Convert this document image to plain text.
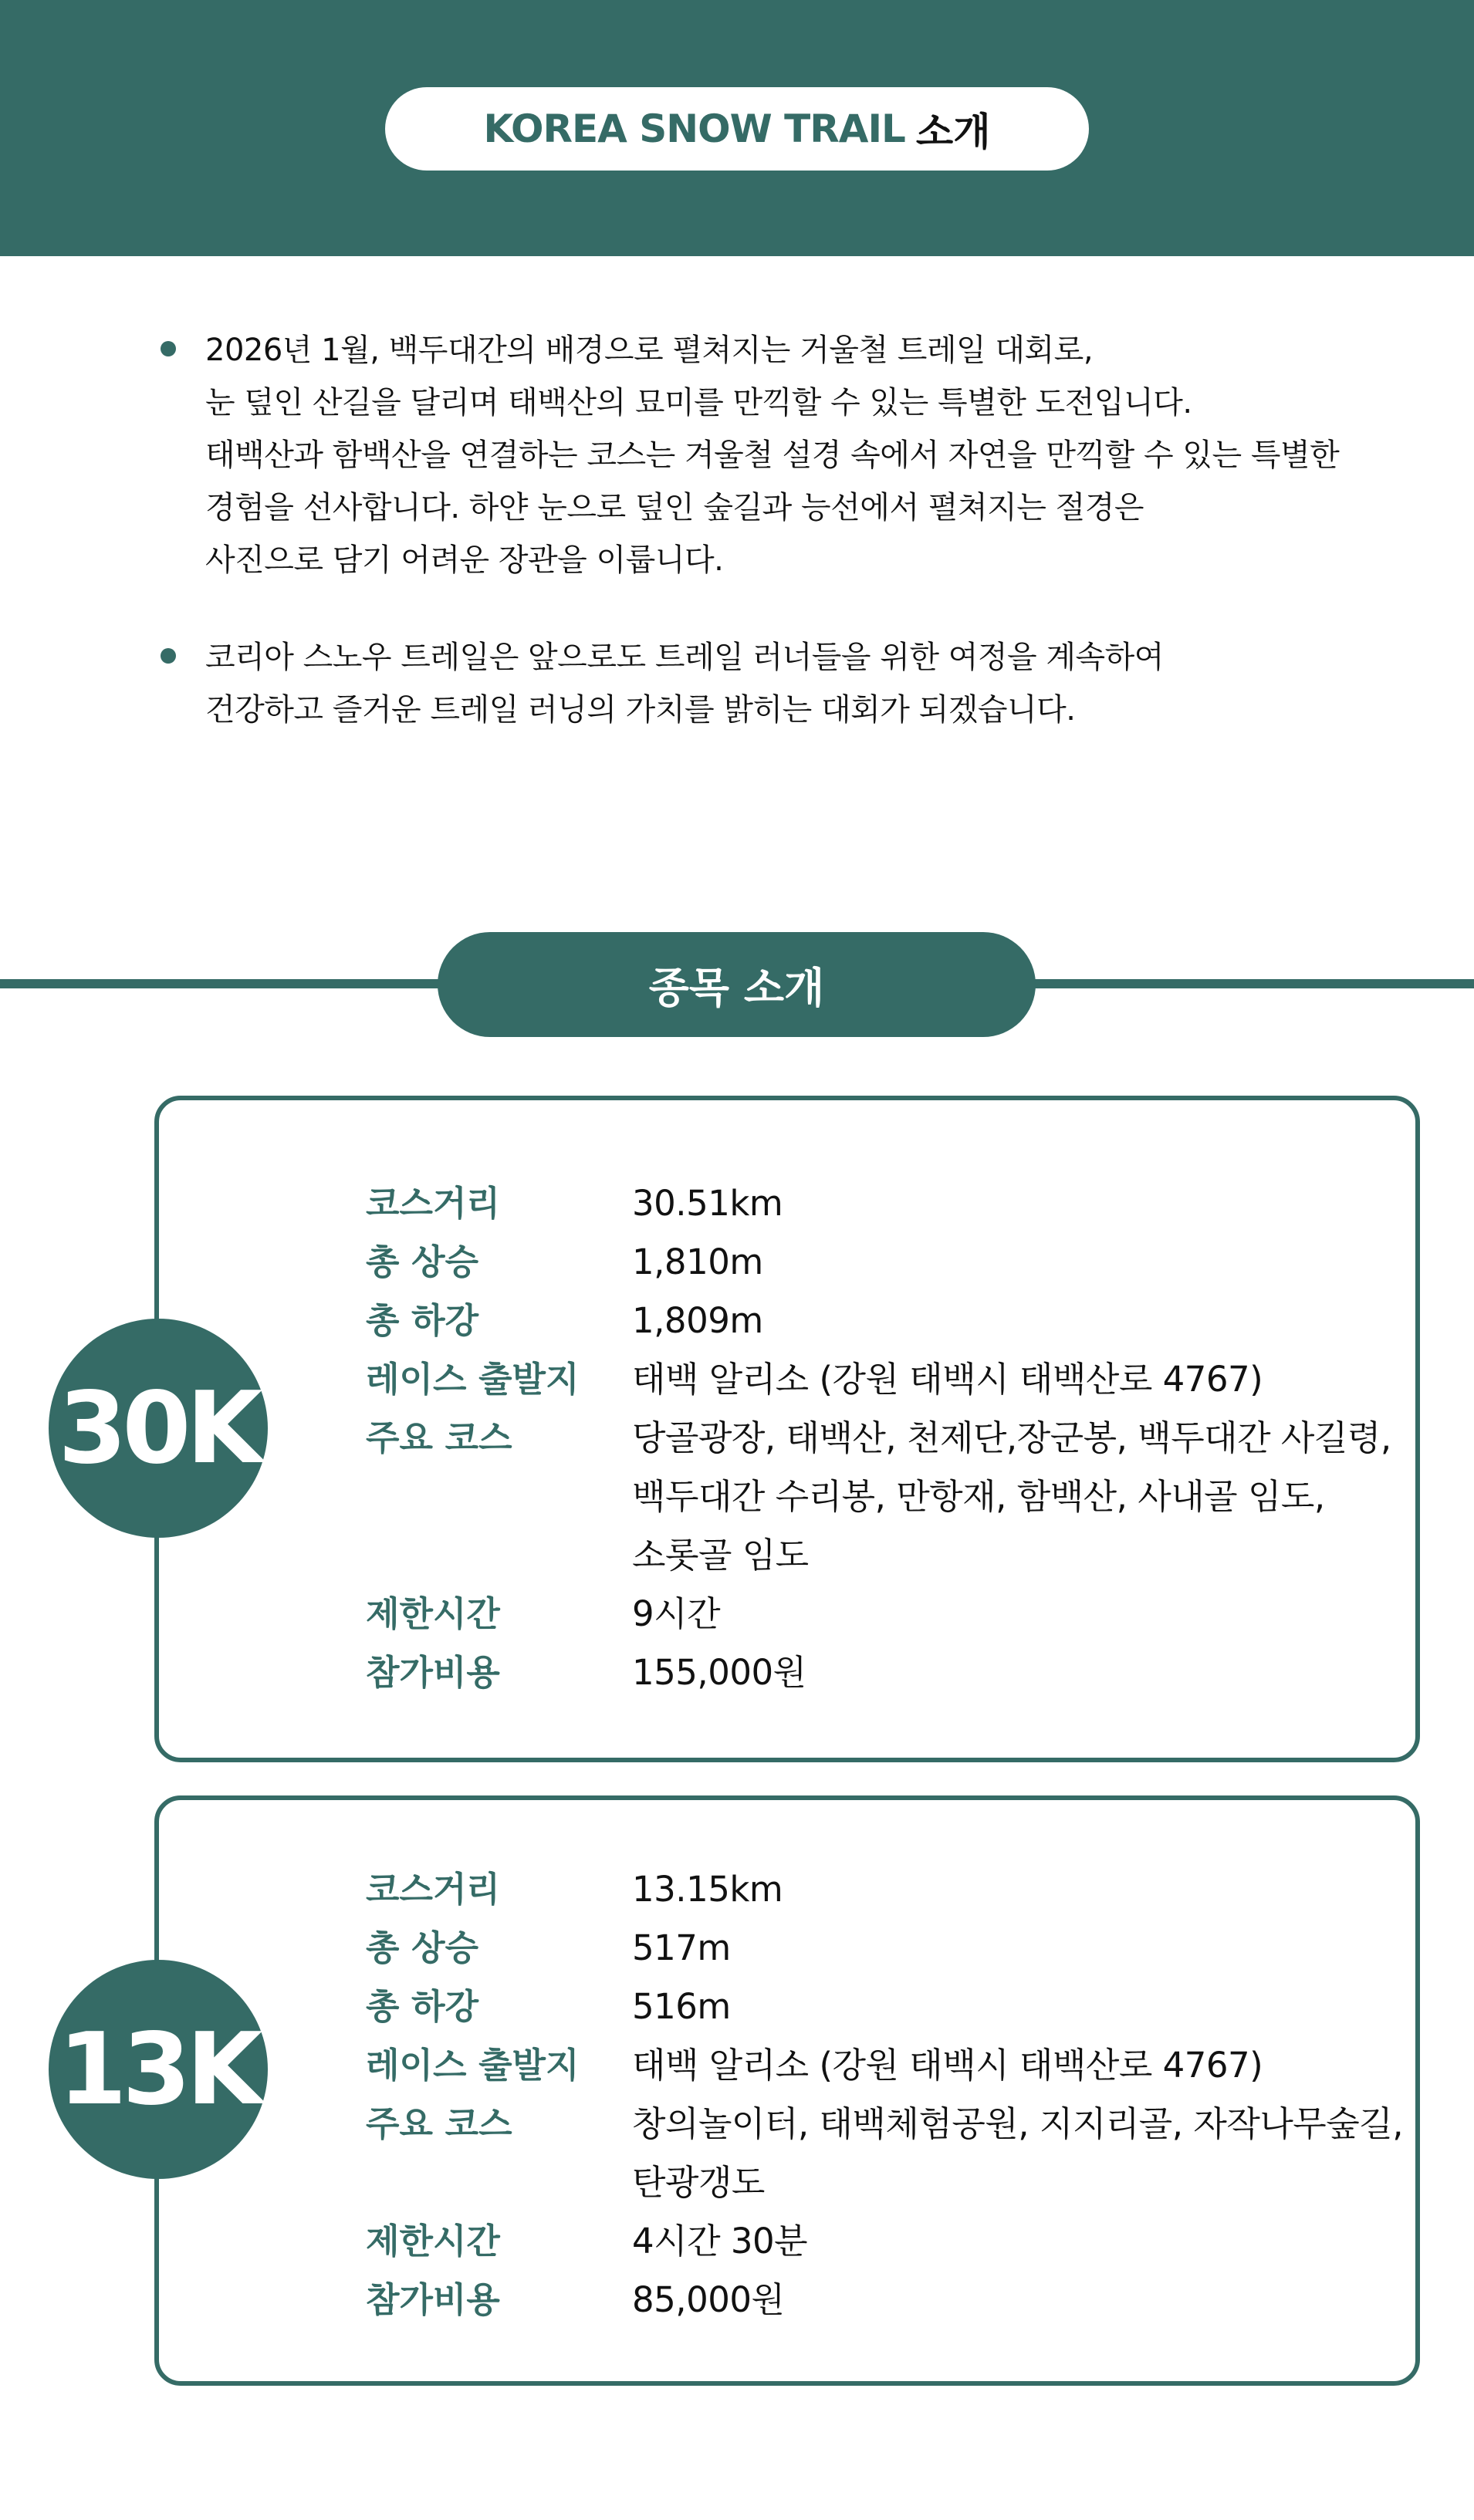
KOREA SNOW TRAIL 소개
2026년 1월, 백두대간의 배경으로 펼쳐지는 거울철 트레일 대회로,
눈 덮인 산길을 달리며 태백산의 묘미를 만끽할 수 있는 특별한 도전입니다.
태백산과 함백산을 연결하는 코스는 겨울철 설경 속에서 자연을 만끽할 수 있는 특별한
경험을 선사합니다. 하얀 눈으로 덮인 숲길과 능선에서 펼쳐지는 절경은
사진으로 담기 어려운 장관을 이룹니다.
코리아 스노우 트레일은 앞으로도 트레일 러너들을 위한 여정을 계속하여
건강하고 즐거운 트레일 러닝의 가치를 밝히는 대회가 되겠습니다.
종목 소개
코스거리	30.51km
총 상승	1,810m
총 하강	1,809m
레이스 출발지	태백 알리소 (강원 태백시 태백산로 4767)
주요 코스	당골광장, 태백산, 천제단,장군봉, 백두대간 사길령,
백두대간 수리봉, 만항재, 함백산, 사내골 임도,
소롯골 임도
제한시간	9시간
참가비용	155,000원
30K
코스거리	13.15km
총 상승	517m
총 하강	516m
레이스 출발지	태백 알리소 (강원 태백시 태백산로 4767)
주요 코스	창의놀이터, 태백체험공원, 지지리골, 자작나무숲길,
탄광갱도
제한시간	4시간 30분
참가비용	85,000원
13K
